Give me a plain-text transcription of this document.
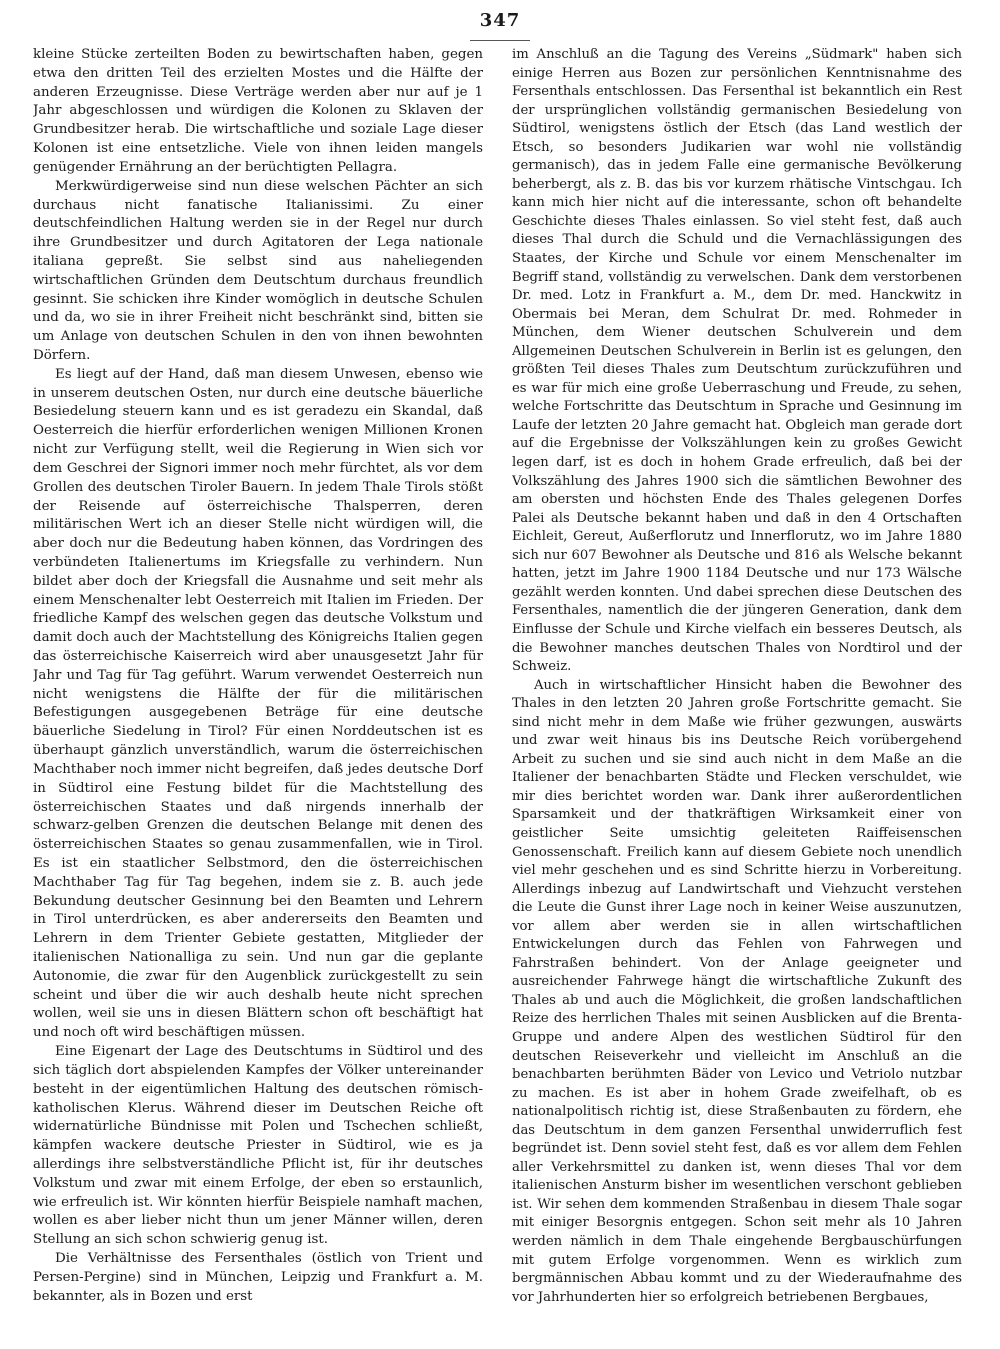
347

kleine Stücke zerteilten Boden zu bewirtschaften haben, gegen etwa den dritten Teil des erzielten Mostes und die Hälfte der anderen Erzeugnisse. Diese Verträge werden aber nur auf je 1 Jahr abgeschlossen und würdigen die Kolonen zu Sklaven der Grundbesitzer herab. Die wirtschaftliche und soziale Lage dieser Kolonen ist eine entsetzliche. Viele von ihnen leiden mangels genügender Ernährung an der berüchtigten Pellagra.

Merkwürdigerweise sind nun diese welschen Pächter an sich durchaus nicht fanatische Italianissimi. Zu einer deutschfeindlichen Haltung werden sie in der Regel nur durch ihre Grundbesitzer und durch Agitatoren der Lega nationale italiana gepreßt. Sie selbst sind aus naheliegenden wirtschaftlichen Gründen dem Deutschtum durchaus freundlich gesinnt. Sie schicken ihre Kinder womöglich in deutsche Schulen und da, wo sie in ihrer Freiheit nicht beschränkt sind, bitten sie um Anlage von deutschen Schulen in den von ihnen bewohnten Dörfern.

Es liegt auf der Hand, daß man diesem Unwesen, ebenso wie in unserem deutschen Osten, nur durch eine deutsche bäuerliche Besiedelung steuern kann und es ist geradezu ein Skandal, daß Oesterreich die hierfür erforderlichen wenigen Millionen Kronen nicht zur Verfügung stellt, weil die Regierung in Wien sich vor dem Geschrei der Signori immer noch mehr fürchtet, als vor dem Grollen des deutschen Tiroler Bauern. In jedem Thale Tirols stößt der Reisende auf österreichische Thalsperren, deren militärischen Wert ich an dieser Stelle nicht würdigen will, die aber doch nur die Bedeutung haben können, das Vordringen des verbündeten Italienertums im Kriegsfalle zu verhindern. Nun bildet aber doch der Kriegsfall die Ausnahme und seit mehr als einem Menschenalter lebt Oesterreich mit Italien im Frieden. Der friedliche Kampf des welschen gegen das deutsche Volkstum und damit doch auch der Machtstellung des Königreichs Italien gegen das österreichische Kaiserreich wird aber unausgesetzt Jahr für Jahr und Tag für Tag geführt. Warum verwendet Oesterreich nun nicht wenigstens die Hälfte der für die militärischen Befestigungen ausgegebenen Beträge für eine deutsche bäuerliche Siedelung in Tirol? Für einen Norddeutschen ist es überhaupt gänzlich unverständlich, warum die österreichischen Machthaber noch immer nicht begreifen, daß jedes deutsche Dorf in Südtirol eine Festung bildet für die Machtstellung des österreichischen Staates und daß nirgends innerhalb der schwarz-gelben Grenzen die deutschen Belange mit denen des österreichischen Staates so genau zusammenfallen, wie in Tirol. Es ist ein staatlicher Selbstmord, den die österreichischen Machthaber Tag für Tag begehen, indem sie z. B. auch jede Bekundung deutscher Gesinnung bei den Beamten und Lehrern in Tirol unterdrücken, es aber andererseits den Beamten und Lehrern in dem Trienter Gebiete gestatten, Mitglieder der italienischen Nationalliga zu sein. Und nun gar die geplante Autonomie, die zwar für den Augenblick zurückgestellt zu sein scheint und über die wir auch deshalb heute nicht sprechen wollen, weil sie uns in diesen Blättern schon oft beschäftigt hat und noch oft wird beschäftigen müssen.

Eine Eigenart der Lage des Deutschtums in Südtirol und des sich täglich dort abspielenden Kampfes der Völker untereinander besteht in der eigentümlichen Haltung des deutschen römisch-katholischen Klerus. Während dieser im Deutschen Reiche oft widernatürliche Bündnisse mit Polen und Tschechen schließt, kämpfen wackere deutsche Priester in Südtirol, wie es ja allerdings ihre selbstverständliche Pflicht ist, für ihr deutsches Volkstum und zwar mit einem Erfolge, der eben so erstaunlich, wie erfreulich ist. Wir könnten hierfür Beispiele namhaft machen, wollen es aber lieber nicht thun um jener Männer willen, deren Stellung an sich schon schwierig genug ist.

Die Verhältnisse des Fersenthales (östlich von Trient und Persen-Pergine) sind in München, Leipzig und Frankfurt a. M. bekannter, als in Bozen und erst

im Anschluß an die Tagung des Vereins „Südmark" haben sich einige Herren aus Bozen zur persönlichen Kenntnisnahme des Fersenthals entschlossen. Das Fersenthal ist bekanntlich ein Rest der ursprünglichen vollständig germanischen Besiedelung von Südtirol, wenigstens östlich der Etsch (das Land westlich der Etsch, so besonders Judikarien war wohl nie vollständig germanisch), das in jedem Falle eine germanische Bevölkerung beherbergt, als z. B. das bis vor kurzem rhätische Vintschgau. Ich kann mich hier nicht auf die interessante, schon oft behandelte Geschichte dieses Thales einlassen. So viel steht fest, daß auch dieses Thal durch die Schuld und die Vernachlässigungen des Staates, der Kirche und Schule vor einem Menschenalter im Begriff stand, vollständig zu verwelschen. Dank dem verstorbenen Dr. med. Lotz in Frankfurt a. M., dem Dr. med. Hanckwitz in Obermais bei Meran, dem Schulrat Dr. med. Rohmeder in München, dem Wiener deutschen Schulverein und dem Allgemeinen Deutschen Schulverein in Berlin ist es gelungen, den größten Teil dieses Thales zum Deutschtum zurückzuführen und es war für mich eine große Ueberraschung und Freude, zu sehen, welche Fortschritte das Deutschtum in Sprache und Gesinnung im Laufe der letzten 20 Jahre gemacht hat. Obgleich man gerade dort auf die Ergebnisse der Volkszählungen kein zu großes Gewicht legen darf, ist es doch in hohem Grade erfreulich, daß bei der Volkszählung des Jahres 1900 sich die sämtlichen Bewohner des am obersten und höchsten Ende des Thales gelegenen Dorfes Palei als Deutsche bekannt haben und daß in den 4 Ortschaften Eichleit, Gereut, Außerflorutz und Innerflorutz, wo im Jahre 1880 sich nur 607 Bewohner als Deutsche und 816 als Welsche bekannt hatten, jetzt im Jahre 1900 1184 Deutsche und nur 173 Wälsche gezählt werden konnten. Und dabei sprechen diese Deutschen des Fersenthales, namentlich die der jüngeren Generation, dank dem Einflusse der Schule und Kirche vielfach ein besseres Deutsch, als die Bewohner manches deutschen Thales von Nordtirol und der Schweiz.

Auch in wirtschaftlicher Hinsicht haben die Bewohner des Thales in den letzten 20 Jahren große Fortschritte gemacht. Sie sind nicht mehr in dem Maße wie früher gezwungen, auswärts und zwar weit hinaus bis ins Deutsche Reich vorübergehend Arbeit zu suchen und sie sind auch nicht in dem Maße an die Italiener der benachbarten Städte und Flecken verschuldet, wie mir dies berichtet worden war. Dank ihrer außerordentlichen Sparsamkeit und der thatkräftigen Wirksamkeit einer von geistlicher Seite umsichtig geleiteten Raiffeisenschen Genossenschaft. Freilich kann auf diesem Gebiete noch unendlich viel mehr geschehen und es sind Schritte hierzu in Vorbereitung. Allerdings inbezug auf Landwirtschaft und Viehzucht verstehen die Leute die Gunst ihrer Lage noch in keiner Weise auszunutzen, vor allem aber werden sie in allen wirtschaftlichen Entwickelungen durch das Fehlen von Fahrwegen und Fahrstraßen behindert. Von der Anlage geeigneter und ausreichender Fahrwege hängt die wirtschaftliche Zukunft des Thales ab und auch die Möglichkeit, die großen landschaftlichen Reize des herrlichen Thales mit seinen Ausblicken auf die Brenta-Gruppe und andere Alpen des westlichen Südtirol für den deutschen Reiseverkehr und vielleicht im Anschluß an die benachbarten berühmten Bäder von Levico und Vetriolo nutzbar zu machen. Es ist aber in hohem Grade zweifelhaft, ob es nationalpolitisch richtig ist, diese Straßenbauten zu fördern, ehe das Deutschtum in dem ganzen Fersenthal unwiderruflich fest begründet ist. Denn soviel steht fest, daß es vor allem dem Fehlen aller Verkehrsmittel zu danken ist, wenn dieses Thal vor dem italienischen Ansturm bisher im wesentlichen verschont geblieben ist. Wir sehen dem kommenden Straßenbau in diesem Thale sogar mit einiger Besorgnis entgegen. Schon seit mehr als 10 Jahren werden nämlich in dem Thale eingehende Bergbauschürfungen mit gutem Erfolge vorgenommen. Wenn es wirklich zum bergmännischen Abbau kommt und zu der Wiederaufnahme des vor Jahrhunderten hier so erfolgreich betriebenen Bergbaues,
